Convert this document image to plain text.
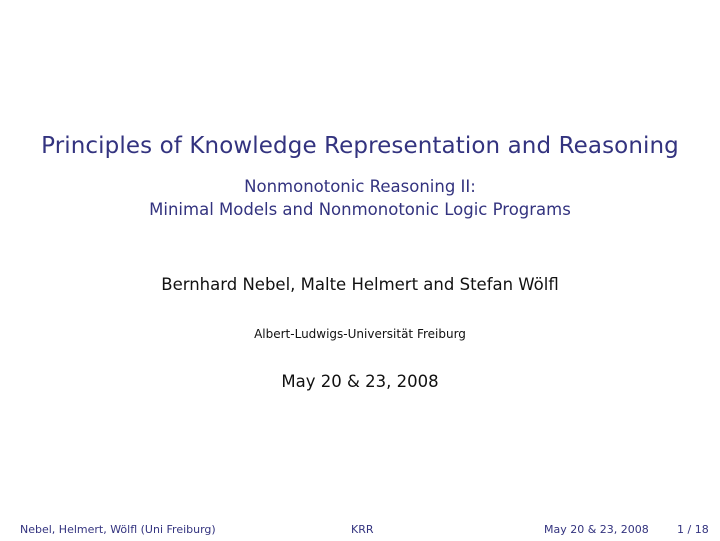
Principles of Knowledge Representation and Reasoning
Nonmonotonic Reasoning II:
Minimal Models and Nonmonotonic Logic Programs
Bernhard Nebel, Malte Helmert and Stefan Wölfl
Albert-Ludwigs-Universität Freiburg
May 20 & 23, 2008
Nebel, Helmert, Wölfl (Uni Freiburg)	KRR	May 20 & 23, 2008	1 / 18
